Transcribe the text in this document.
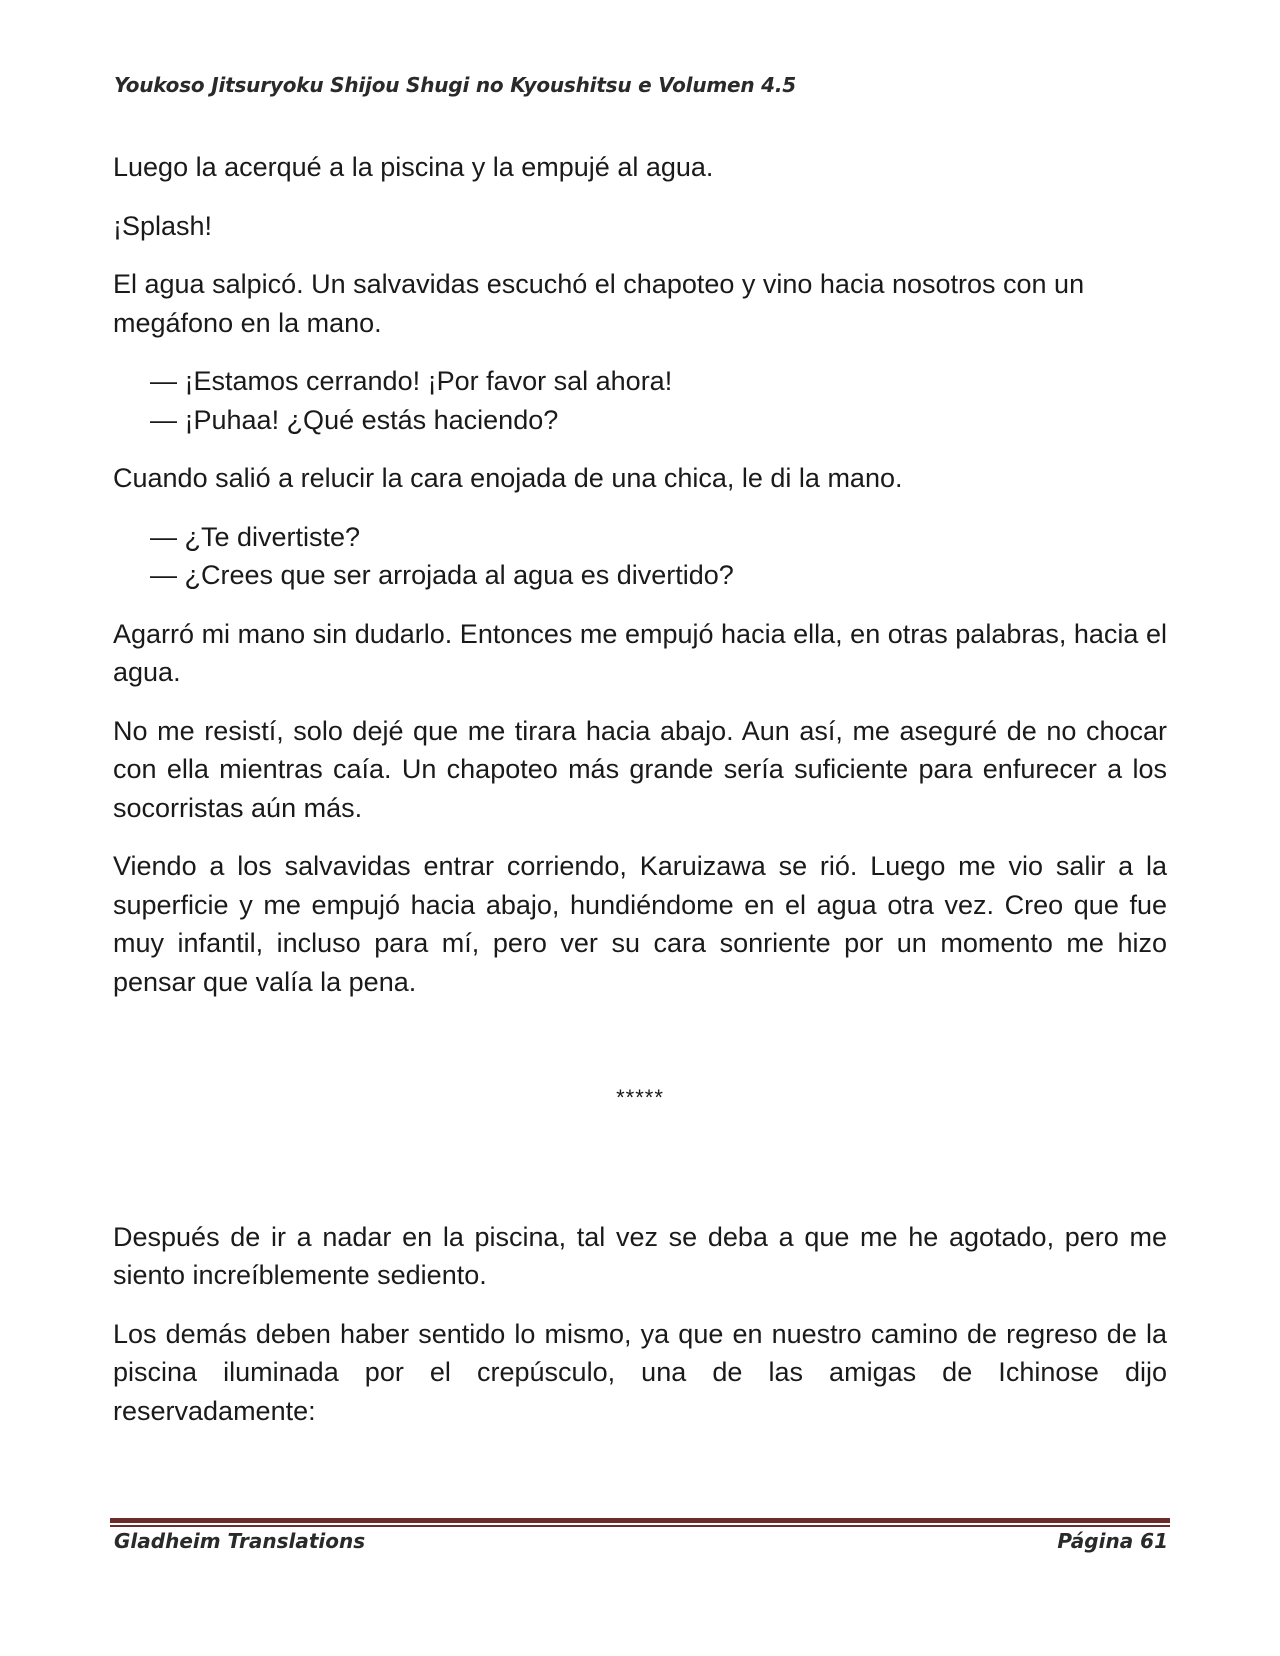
Youkoso Jitsuryoku Shijou Shugi no Kyoushitsu e Volumen 4.5

Luego la acerqué a la piscina y la empujé al agua.

¡Splash!

El agua salpicó. Un salvavidas escuchó el chapoteo y vino hacia nosotros con un megáfono en la mano.

— ¡Estamos cerrando! ¡Por favor sal ahora!
— ¡Puhaa! ¿Qué estás haciendo?

Cuando salió a relucir la cara enojada de una chica, le di la mano.

— ¿Te divertiste?
— ¿Crees que ser arrojada al agua es divertido?

Agarró mi mano sin dudarlo. Entonces me empujó hacia ella, en otras palabras, hacia el agua.

No me resistí, solo dejé que me tirara hacia abajo. Aun así, me aseguré de no chocar con ella mientras caía. Un chapoteo más grande sería suficiente para enfurecer a los socorristas aún más.

Viendo a los salvavidas entrar corriendo, Karuizawa se rió. Luego me vio salir a la superficie y me empujó hacia abajo, hundiéndome en el agua otra vez. Creo que fue muy infantil, incluso para mí, pero ver su cara sonriente por un momento me hizo pensar que valía la pena.

*****

Después de ir a nadar en la piscina, tal vez se deba a que me he agotado, pero me siento increíblemente sediento.

Los demás deben haber sentido lo mismo, ya que en nuestro camino de regreso de la piscina iluminada por el crepúsculo, una de las amigas de Ichinose dijo reservadamente:

Gladheim Translations	Página 61
